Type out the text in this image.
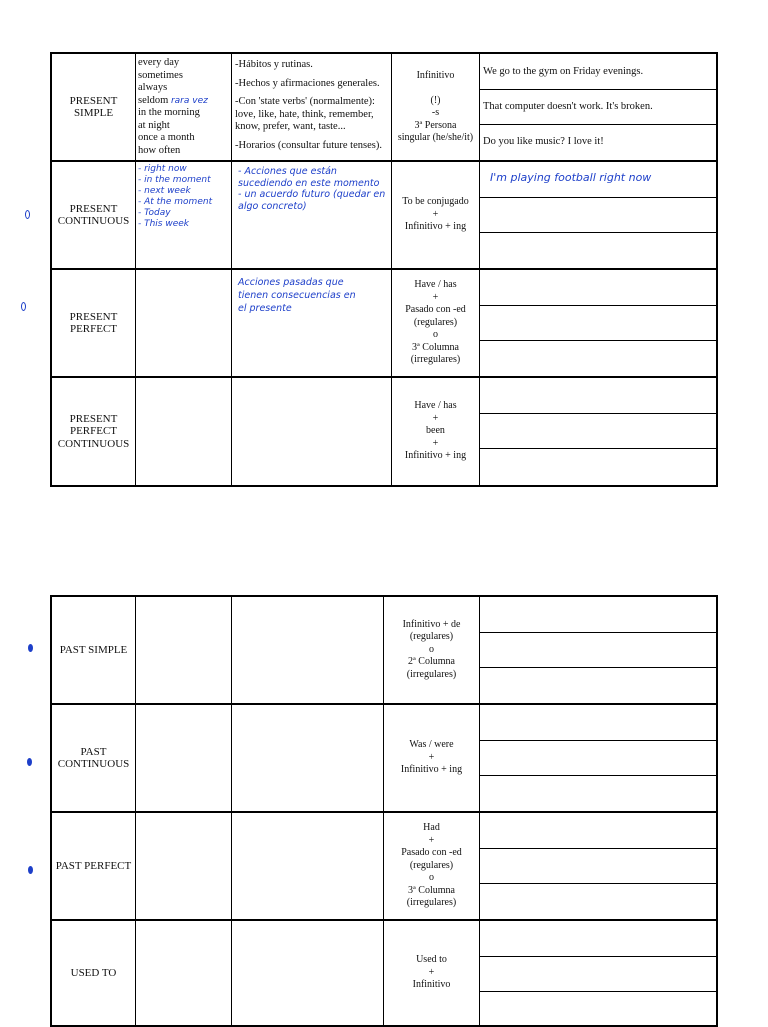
PRESENT
SIMPLE
every day
sometimes
always
seldom rara vez
in the morning
at night
once a month
how often
-Hábitos y rutinas.
-Hechos y afirmaciones generales.
-Con 'state verbs' (normalmente): love, like, hate, think, remember, know, prefer, want, taste...
-Horarios (consultar future tenses).
Infinitivo

(!)
-s
3ª Persona
singular (he/she/it)
We go to the gym on Friday evenings.
That computer doesn't work. It's broken.
Do you like music? I love it!
PRESENT
CONTINUOUS
- right now
- in the moment
- next week
- At the moment
- Today
- This week
- Acciones que están
sucediendo en este momento
- un acuerdo futuro (quedar en
algo concreto)	To be conjugado
+
Infinitivo + ing
I'm playing football right now
PRESENT
PERFECT
Acciones pasadas que
tienen consecuencias en
el presente
Have / has
+
Pasado con -ed
(regulares)
o
3ª Columna
(irregulares)
PRESENT
PERFECT
CONTINUOUS
Have / has
+
been
+
Infinitivo + ing
PAST SIMPLE
Infinitivo + de
(regulares)
o
2ª Columna
(irregulares)
PAST
CONTINUOUS
Was / were
+
Infinitivo + ing
PAST PERFECT
Had
+
Pasado con -ed
(regulares)
o
3ª Columna
(irregulares)
USED TO
Used to
+
Infinitivo
